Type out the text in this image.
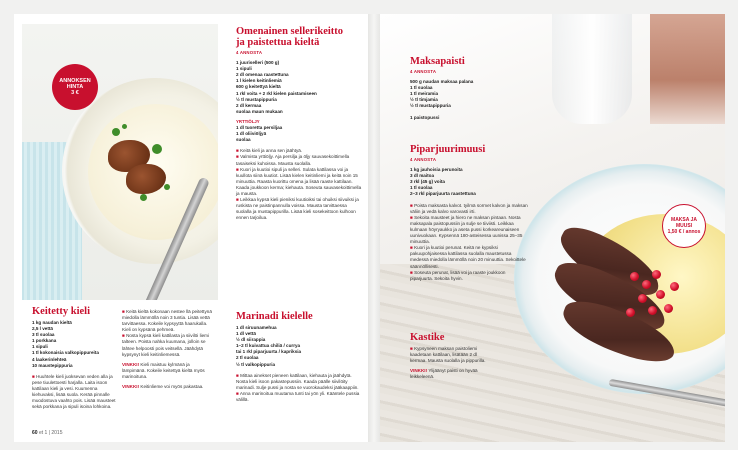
ANNOKSEN
HINTA
3 €
Omenainen sellerikeitto
ja paistettua kieltä
4 ANNOSTA
1 juuriselleri (500 g)
1 sipuli
2 dl omenaa raastettuna
1 l kielen keitinliemiä
600 g keitettyä kieltä
1 rkl voita + 2 rkl kielen paistamiseen
½ tl mustapippuria
2 dl kermaa
suolaa maun mukaan
YRTTIÖLJY
1 dl tuoretta persiljaa
1 dl oliiviöljyä
suolaa

■ Keitä kieli ja anna sen jäähtyä.

■ Valmista yrttiöljy. Aja persilja ja öljy sauvasekoittimella tasaiseksi kuhoissa. Mausta suolalla.

■ Kuori ja kuutioi sipuli ja selleri. Sulata kattilassa voi ja kuullota siinä kuutiot. Lisää kielen keitinliemi ja keitä noin 15 minuuttia. Raasta kuorittu omena ja lisää raaste kattilaan. Kaada joukkoon kerma; kiehauta. Soseuta sauvasekoittimella ja mausta.

■ Leikkaa kypsä kieli pieniksi kuutioiksi tai ohuiksi siivuiksi ja ruskista ne paistinpannulla voissa. Mausta tarvittaessa suolalla ja mustapippurilla. Lisää kieli sosekeittoon kulhoon ennen tarjoilua.

Keitetty kieli
1 kg naudan kieltä
2,5 l vettä
3 tl suolaa
1 porkkana
1 sipuli
1 tl kokonaisia valkopippureita
4 laakerinlehteä
10 maustepippuria

■ Huuhtele kieli juoksevan veden alla ja pese tiuulettoesti harjalla. Laita isoon kattilaan kieli ja vesi. Kuumenna kiehuvaksi, lisää suola. Kerää pinnalle muodostuva vaahto pois. Lisää mausteet sekä porkkana ja sipuli isoina lohkoina.

■ Keitä kieltä kokonaan nestee llä peitettynä miedolla lämmöllä noin 3 tuntia. Lisää vettä tarvittaessa. Kokeile kypsyyttä haarukalla. Kieli on kypsänä pehmeä.

■ Nosta kypsä kieli kattilasta ja siivilöi liemi talteen. Poista nahka kuumana, jolloin se lähtee helpoosti pois veitsellä. Jäähdytä kypsynyt kieli keitinliemessä.

VINKKI! Kieli maistuu kylmänä ja lämpimänä. Kokeile keitettyä kieltä myös marinoituna.
VINKKI! Keitinlieme voi myös pakastaa.
Marinadi kielelle
1 dl siruunamehua
1 dl vettä
½ dl siirappia
1–2 tl kuivattua chiliä / currya
tai 1 rkl piparjuurta / kapriksia
2 tl suolaa
½ tl valkopippuria

■ Mittaa ainekset pieneen kattilaan, kiehauta ja jäähdytä. Nosta kieli isoon pakastepussiin. Kaada päälle siivilöity marinadi. Sulje pussi ja nosta se vuorokaudeksi jääkaappiin.

■ Anna marinoitua muutama tunti tai yön yli. Kääntele pussia välillä.

60 et 1 | 2015
MAKSA JA
MUUSI
1,50 € / annos
Maksapaisti
4 ANNOSTA
500 g naudan maksaa palana
1 tl suolaa
1 tl meiramia
½ tl timjamia
½ tl mustapippuria
1 paistopussi
Piparjuurimuusi
4 ANNOSTA
1 kg jauhoisia perunoita
3 dl maitoa
3 rkl (45 g) voita
1 tl suolaa
2–3 rkl piparjuurta raastettuna

■ Poista maksasta kalvot. tyilmä sormet kalvon ja maksan väliin ja vedä kalvo varovasti irti.

■ Sekoita mausteet ja hiero ne maksan pintaan. Nosta maksapala paistopussiin ja sulje se tiiviisti. Leikkaa kulmaan höyryaukko ja aseta pussi korkeareunaiseen uunivuokaan. Kypsennä 180-asteisessa uunissa 25–35 minuuttia.

■ Kuori ja kuutioi perunat. Keitä ne kypsiksi pakuupohjaisessa kattilassa suolalla maustetussa medessä miedolla lämmöllä noin 20 minuuttia. Sekoittele säännöllisesti.

■ Soseuta perunat, lisää voi ja raaste joukkoon piparjuurta. Sekoita hyvin.

Kastike

■ Kypsyneen maksan paistoliemi kaadetaan kattilaan, lisätään 2 dl kermaa. Mausta suolalla ja pippurilla.

VINKKI! Ylijäänyt paisti on hyvää leikkeleenä.
